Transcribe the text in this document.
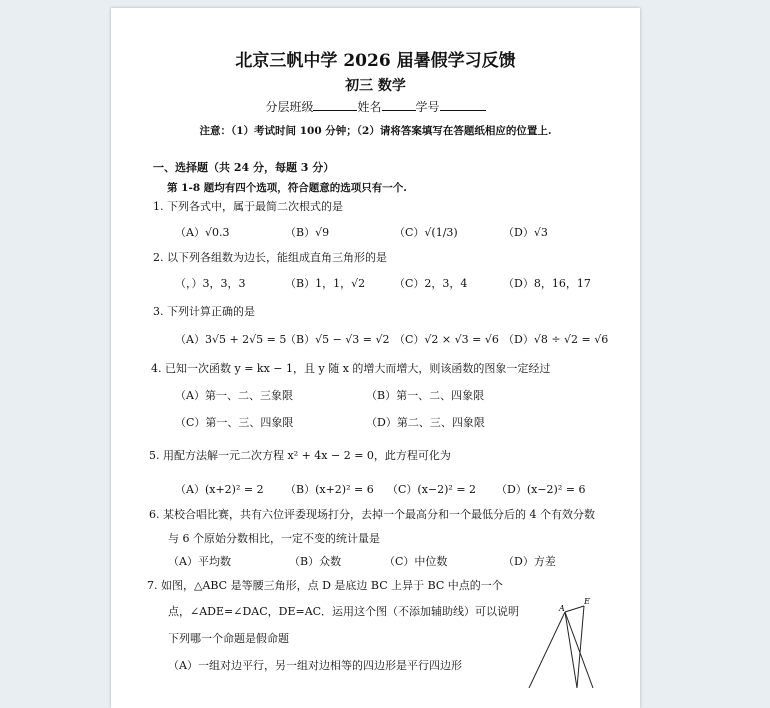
北京三帆中学 2026 届暑假学习反馈
初三 数学
分层班级	姓名	学号
注意：（1）考试时间 100 分钟；（2）请将答案填写在答题纸相应的位置上.
一、选择题（共 24 分，每题 3 分）
第 1-8 题均有四个选项，符合题意的选项只有一个.
1. 下列各式中，属于最简二次根式的是
（A）√0.3	（B）√9	（C）√(1/3)	（D）√3
2. 以下列各组数为边长，能组成直角三角形的是
（，）3，3，3	（B）1，1，√2	（C）2，3，4	（D）8，16，17
3. 下列计算正确的是
（A）3√5 + 2√5 = 5
（B）√5 − √3 = √2 （C）√2 × √3 = √6 （D）√8 ÷ √2 = √6
4. 已知一次函数 y = kx − 1，且 y 随 x 的增大而增大，则该函数的图象一定经过
（A）第一、二、三象限	（B）第一、二、四象限
（C）第一、三、四象限	（D）第二、三、四象限
5. 用配方法解一元二次方程 x² + 4x − 2 = 0，此方程可化为
（A）(x+2)² = 2 （B）(x+2)² = 6 （C）(x−2)² = 2 （D）(x−2)² = 6
6. 某校合唱比赛，共有六位评委现场打分，去掉一个最高分和一个最低分后的 4 个有效分数
与 6 个原始分数相比，一定不变的统计量是
（A）平均数	（B）众数	（C）中位数	（D）方差
7. 如图，△ABC 是等腰三角形，点 D 是底边 BC 上异于 BC 中点的一个
点，∠ADE=∠DAC，DE=AC．运用这个图（不添加辅助线）可以说明
下列哪一个命题是假命题
（A）一组对边平行，另一组对边相等的四边形是平行四边形
A
E
